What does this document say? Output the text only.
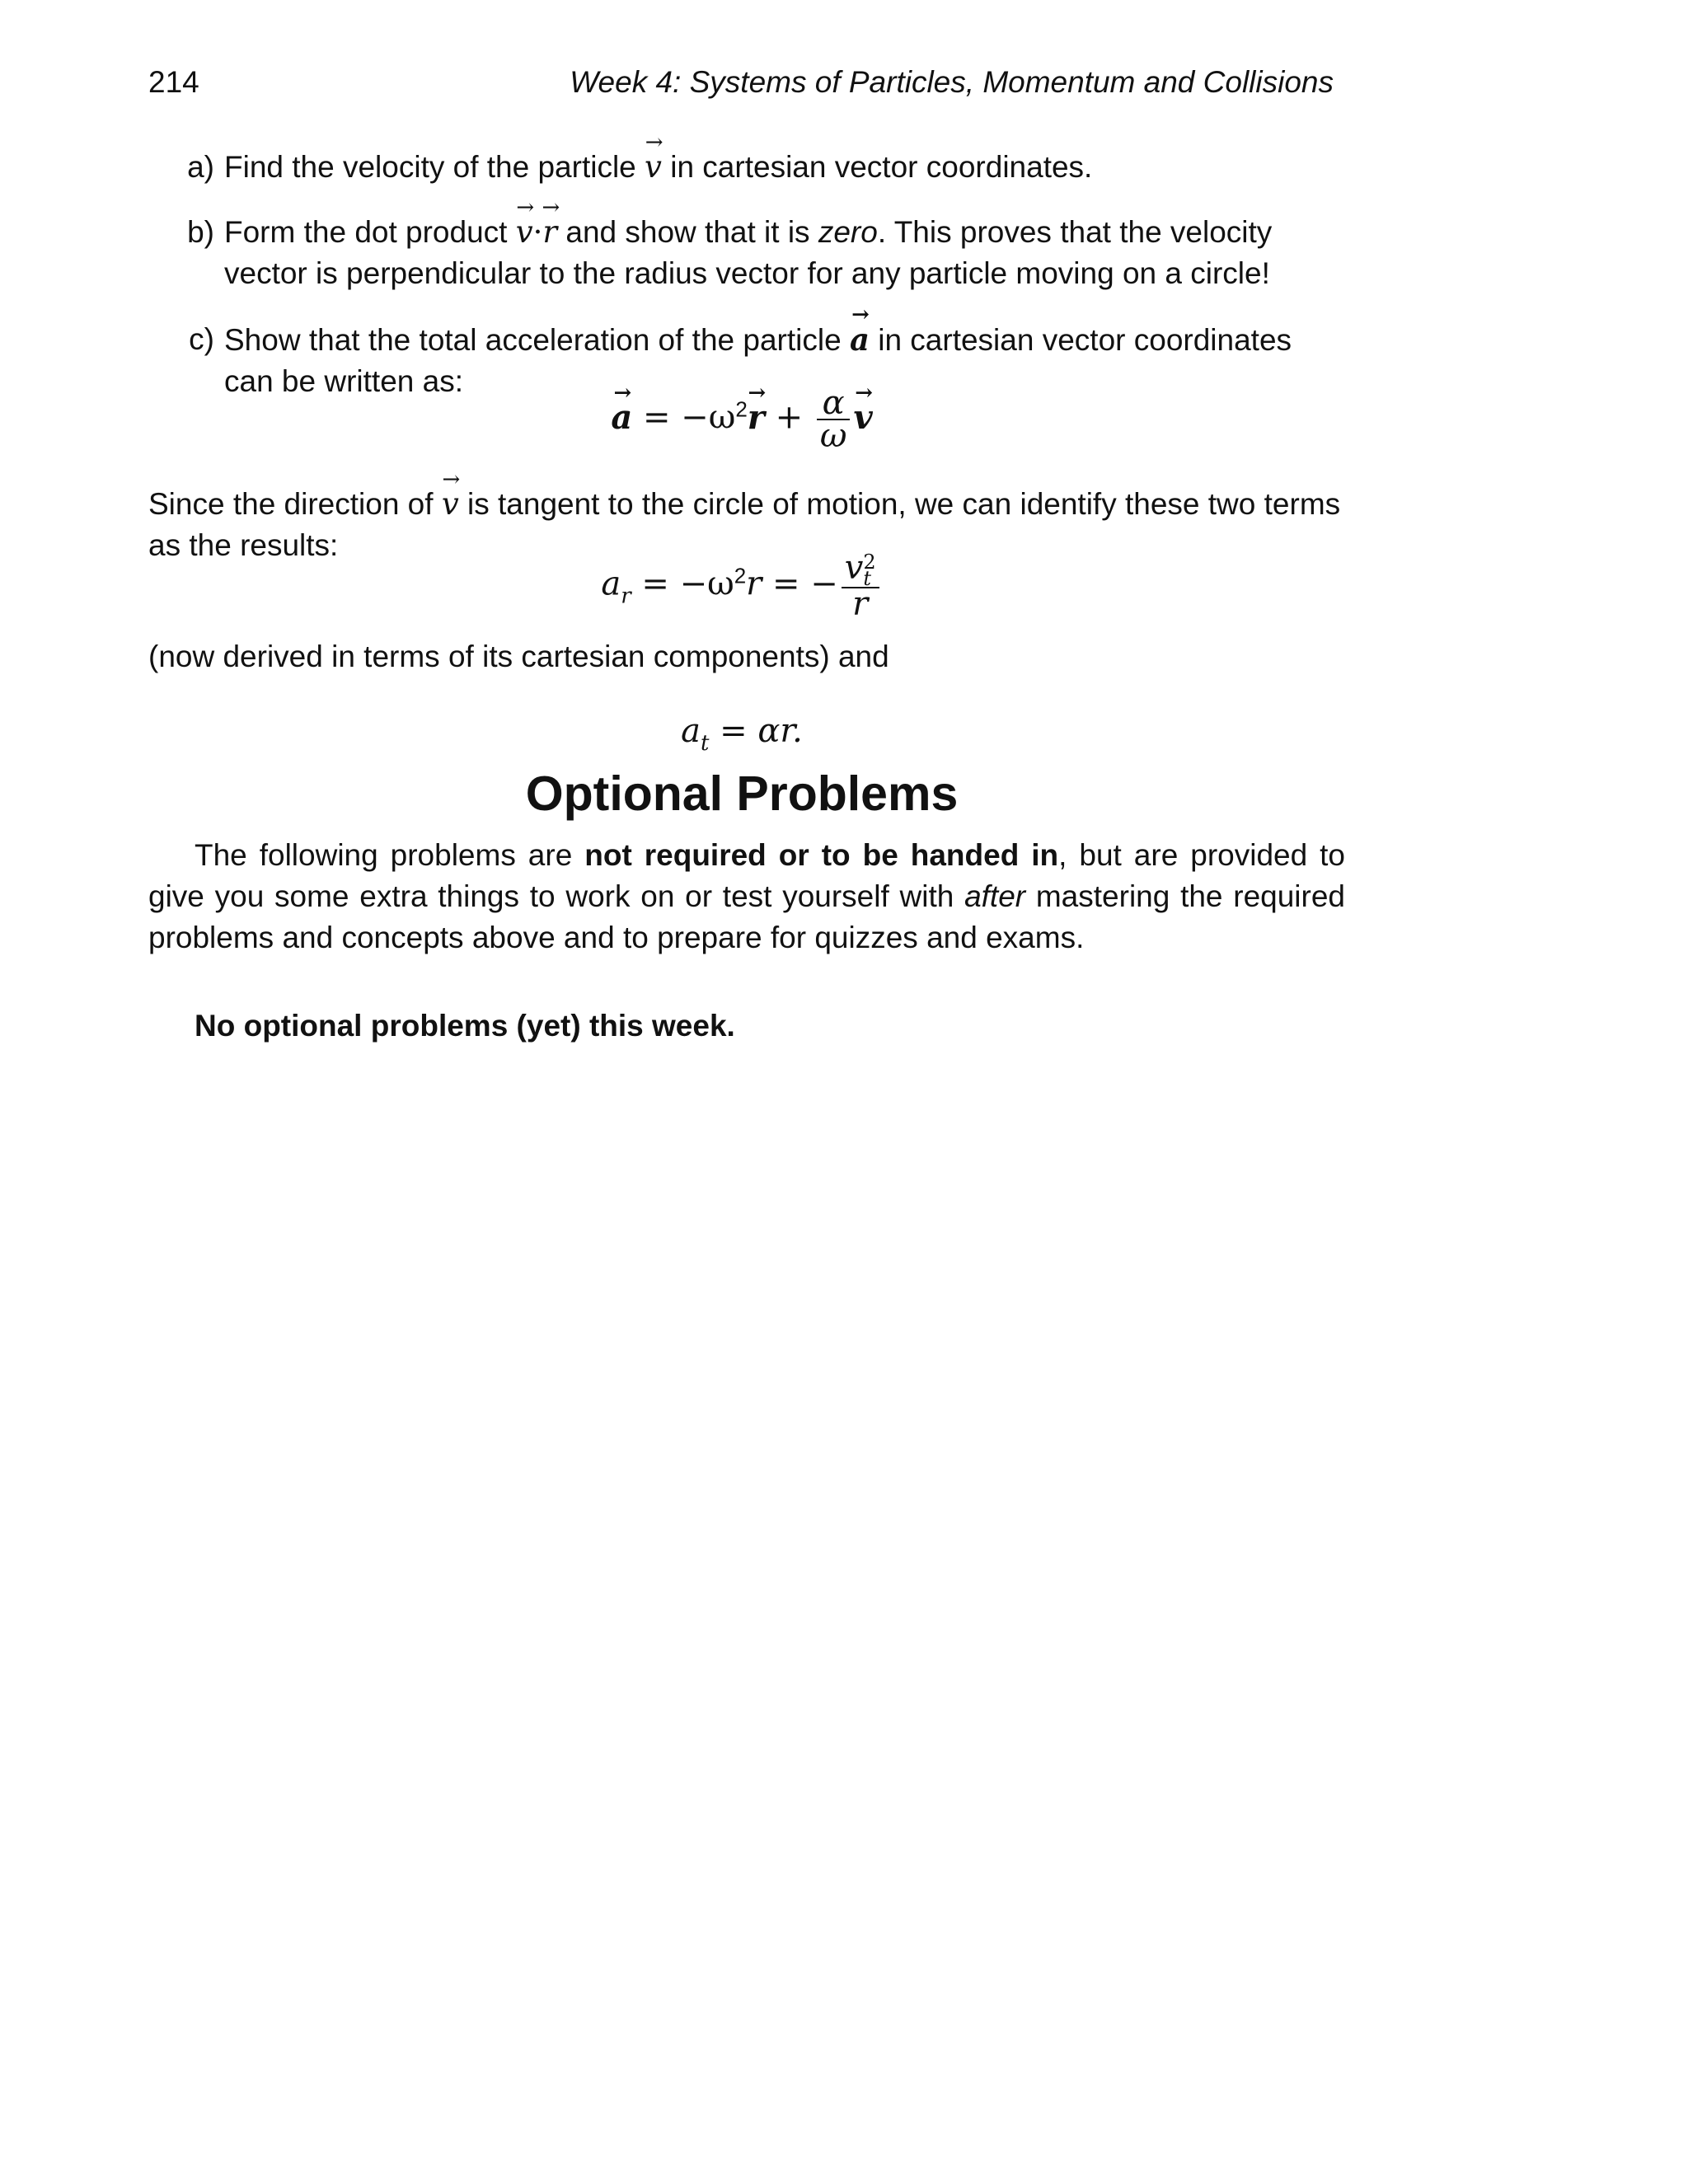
214	Week 4: Systems of Particles, Momentum and Collisions
a) Find the velocity of the particle → v in cartesian vector coordinates.
b) Form the dot product → v·→ r and show that it is zero. This proves that the velocity vector is perpendicular to the radius vector for any particle moving on a circle!
c) Show that the total acceleration of the particle → a in cartesian vector coordinates can be written as:
→ $a = -\omega^2\to r + \frac{\alpha}{\omega}$
→ v
Since the direction of → v is tangent to the circle of motion, we can identify these two terms as the results:
$a_r = -\omega^2r$ = − v 2
t
r
(now derived in terms of its cartesian components) and
$a_t = \alpha r$.
Optional Problems
The following problems are not required or to be handed in, but are provided to give you some extra things to work on or test yourself with after mastering the required problems and concepts above and to prepare for quizzes and exams.
No optional problems (yet) this week.
